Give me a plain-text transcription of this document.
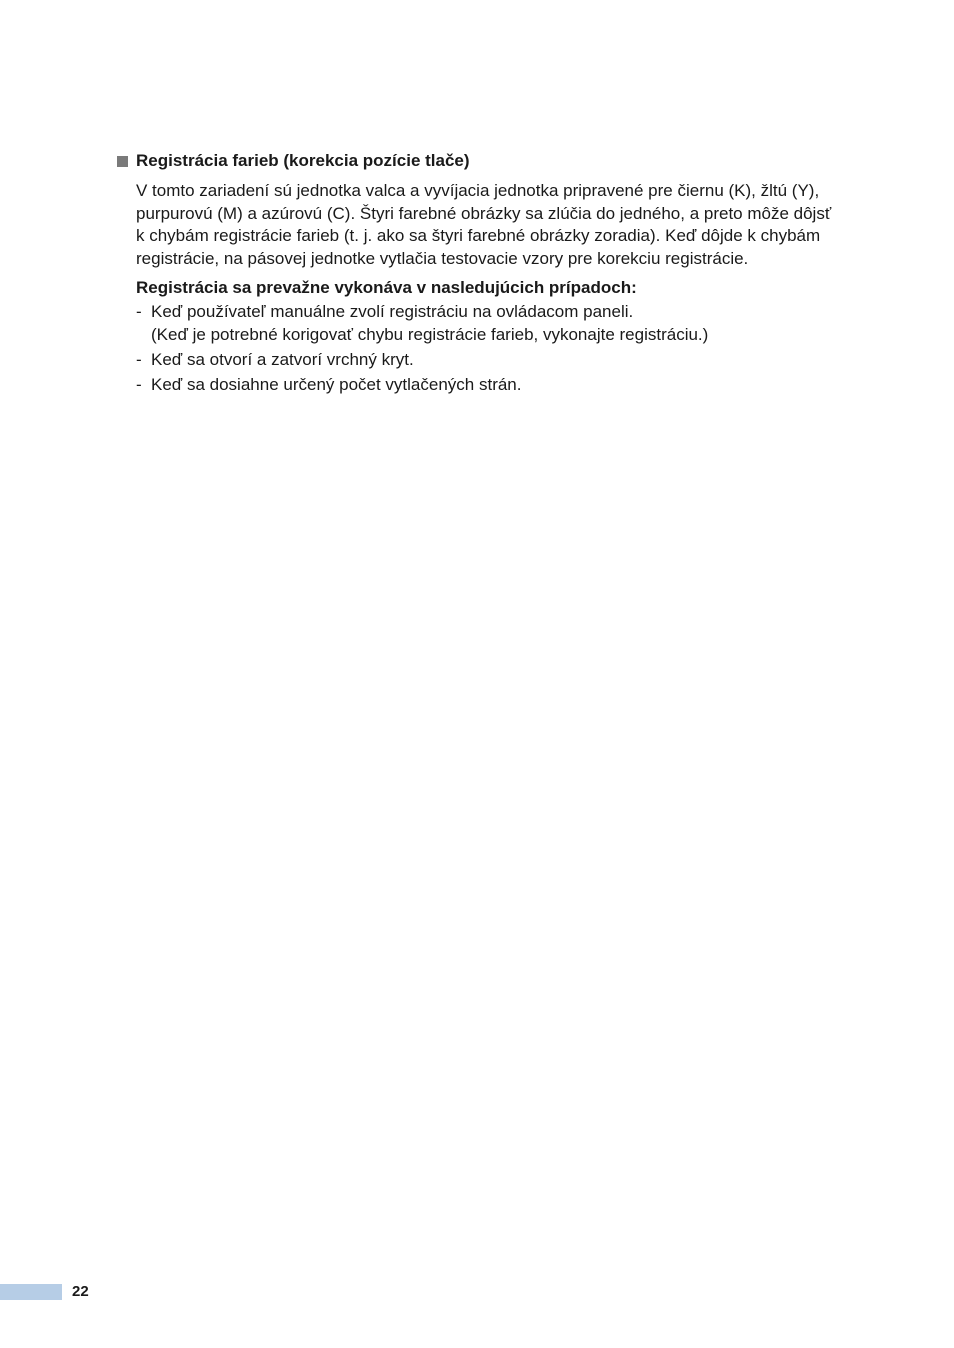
Registrácia farieb (korekcia pozície tlače)
V tomto zariadení sú jednotka valca a vyvíjacia jednotka pripravené pre čiernu (K), žltú (Y), purpurovú (M) a azúrovú (C). Štyri farebné obrázky sa zlúčia do jedného, a preto môže dôjsť k chybám registrácie farieb (t. j. ako sa štyri farebné obrázky zoradia). Keď dôjde k chybám registrácie, na pásovej jednotke vytlačia testovacie vzory pre korekciu registrácie.
Registrácia sa prevažne vykonáva v nasledujúcich prípadoch:
- Keď používateľ manuálne zvolí registráciu na ovládacom paneli.
(Keď je potrebné korigovať chybu registrácie farieb, vykonajte registráciu.)
- Keď sa otvorí a zatvorí vrchný kryt.
- Keď sa dosiahne určený počet vytlačených strán.
22
